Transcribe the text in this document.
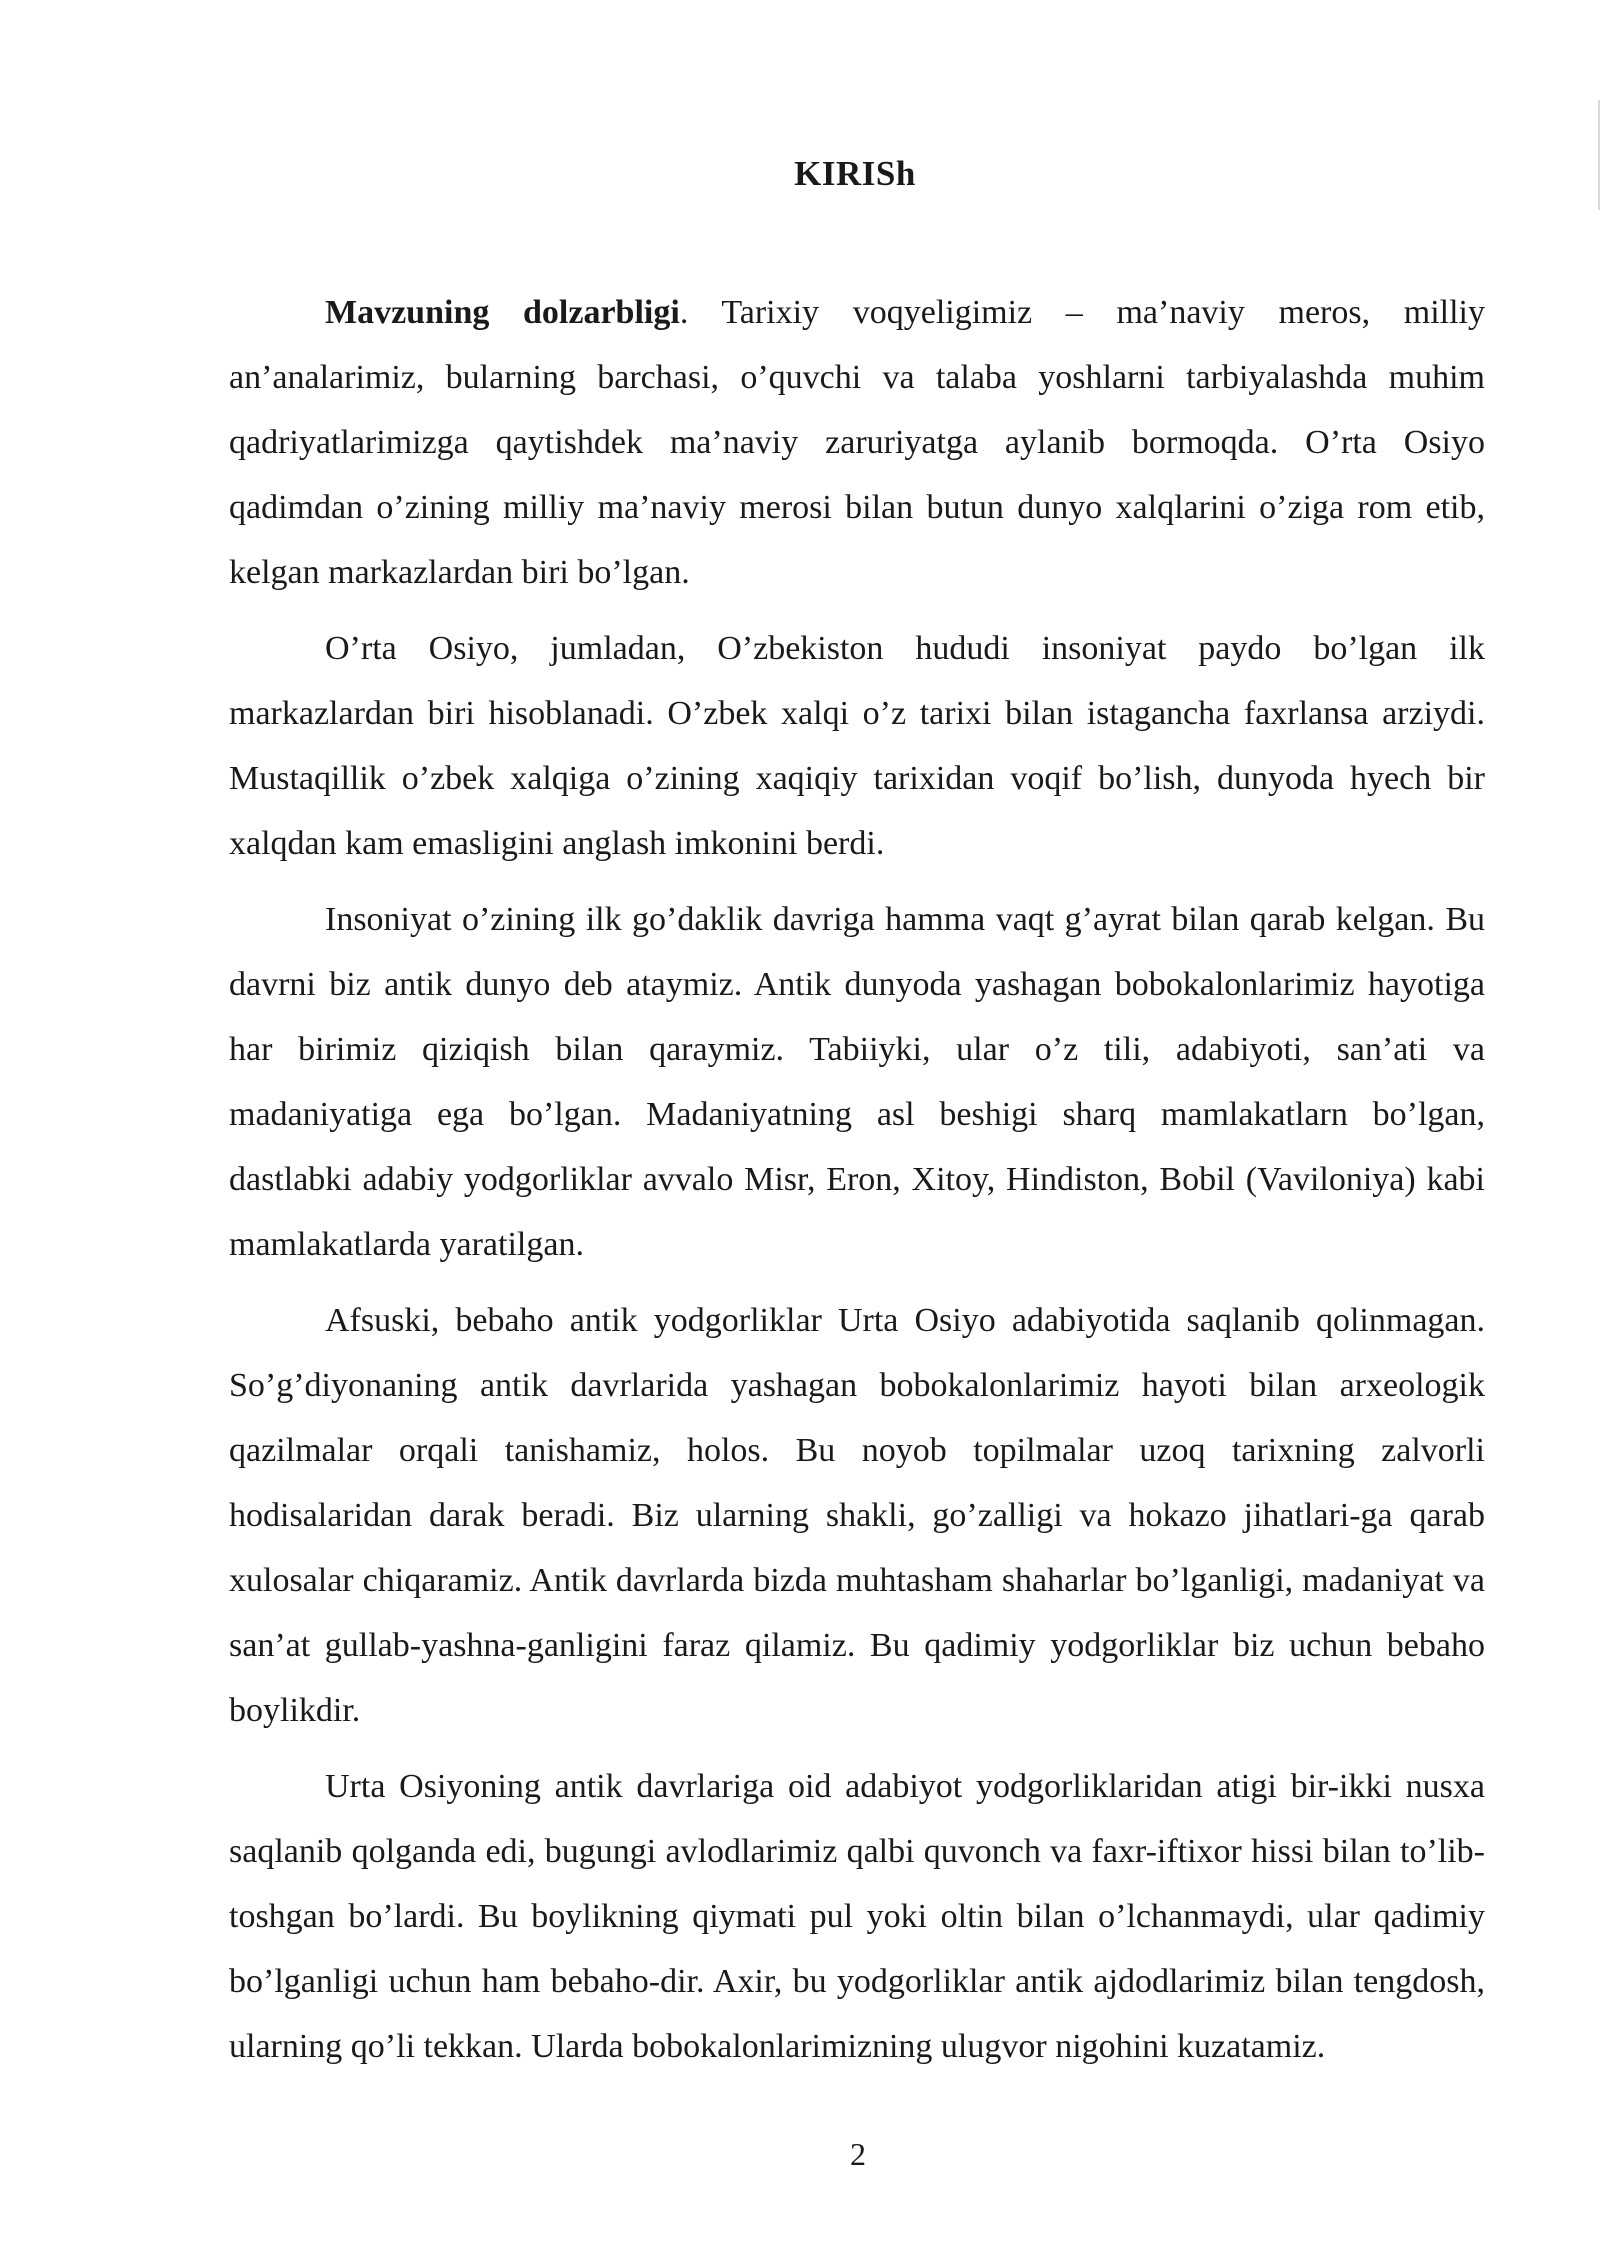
KIRISh

Mavzuning dolzarbligi. Tarixiy voqyeligimiz – ma’naviy meros, milliy an’analarimiz, bularning barchasi, o’quvchi va talaba yoshlarni tarbiyalashda muhim qadriyatlarimizga qaytishdek ma’naviy zaruriyatga aylanib bormoqda. O’rta Osiyo qadimdan o’zining milliy ma’naviy merosi bilan butun dunyo xalqlarini o’ziga rom etib, kelgan markazlardan biri bo’lgan.

O’rta Osiyo, jumladan, O’zbekiston hududi insoniyat paydo bo’lgan ilk markazlardan biri hisoblanadi. O’zbek xalqi o’z tarixi bilan istagancha faxrlansa arziydi. Mustaqillik o’zbek xalqiga o’zining xaqiqiy tarixidan voqif bo’lish, dunyoda hyech bir xalqdan kam emasligini anglash imkonini berdi.

Insoniyat o’zining ilk go’daklik davriga hamma vaqt g’ayrat bilan qarab kelgan. Bu davrni biz antik dunyo deb ataymiz. Antik dunyoda yashagan bobokalonlarimiz hayotiga har birimiz qiziqish bilan qaraymiz. Tabiiyki, ular o’z tili, adabiyoti, san’ati va madaniyatiga ega bo’lgan. Madaniyatning asl beshigi sharq mamlakatlarn bo’lgan, dastlabki adabiy yodgorliklar avvalo Misr, Eron, Xitoy, Hindiston, Bobil (Vaviloniya) kabi mamlakatlarda yaratilgan.

Afsuski, bebaho antik yodgorliklar Urta Osiyo adabiyotida saqlanib qolinmagan. So’g’diyonaning antik davrlarida yashagan bobokalonlarimiz hayoti bilan arxeologik qazilmalar orqali tanishamiz, holos. Bu noyob topilmalar uzoq tarixning zalvorli hodisalaridan darak beradi. Biz ularning shakli, go’zalligi va hokazo jihatlari-ga qarab xulosalar chiqaramiz. Antik davrlarda bizda muhtasham shaharlar bo’lganligi, madaniyat va san’at gullab-yashna-ganligini faraz qilamiz. Bu qadimiy yodgorliklar biz uchun bebaho boylikdir.

Urta Osiyoning antik davrlariga oid adabiyot yodgorliklaridan atigi bir-ikki nusxa saqlanib qolganda edi, bugungi avlodlarimiz qalbi quvonch va faxr-iftixor hissi bilan to’lib-toshgan bo’lardi. Bu boylikning qiymati pul yoki oltin bilan o’lchanmaydi, ular qadimiy bo’lganligi uchun ham bebaho-dir. Axir, bu yodgorliklar antik ajdodlarimiz bilan tengdosh, ularning qo’li tekkan. Ularda bobokalonlarimizning ulugvor nigohini kuzatamiz.

2
